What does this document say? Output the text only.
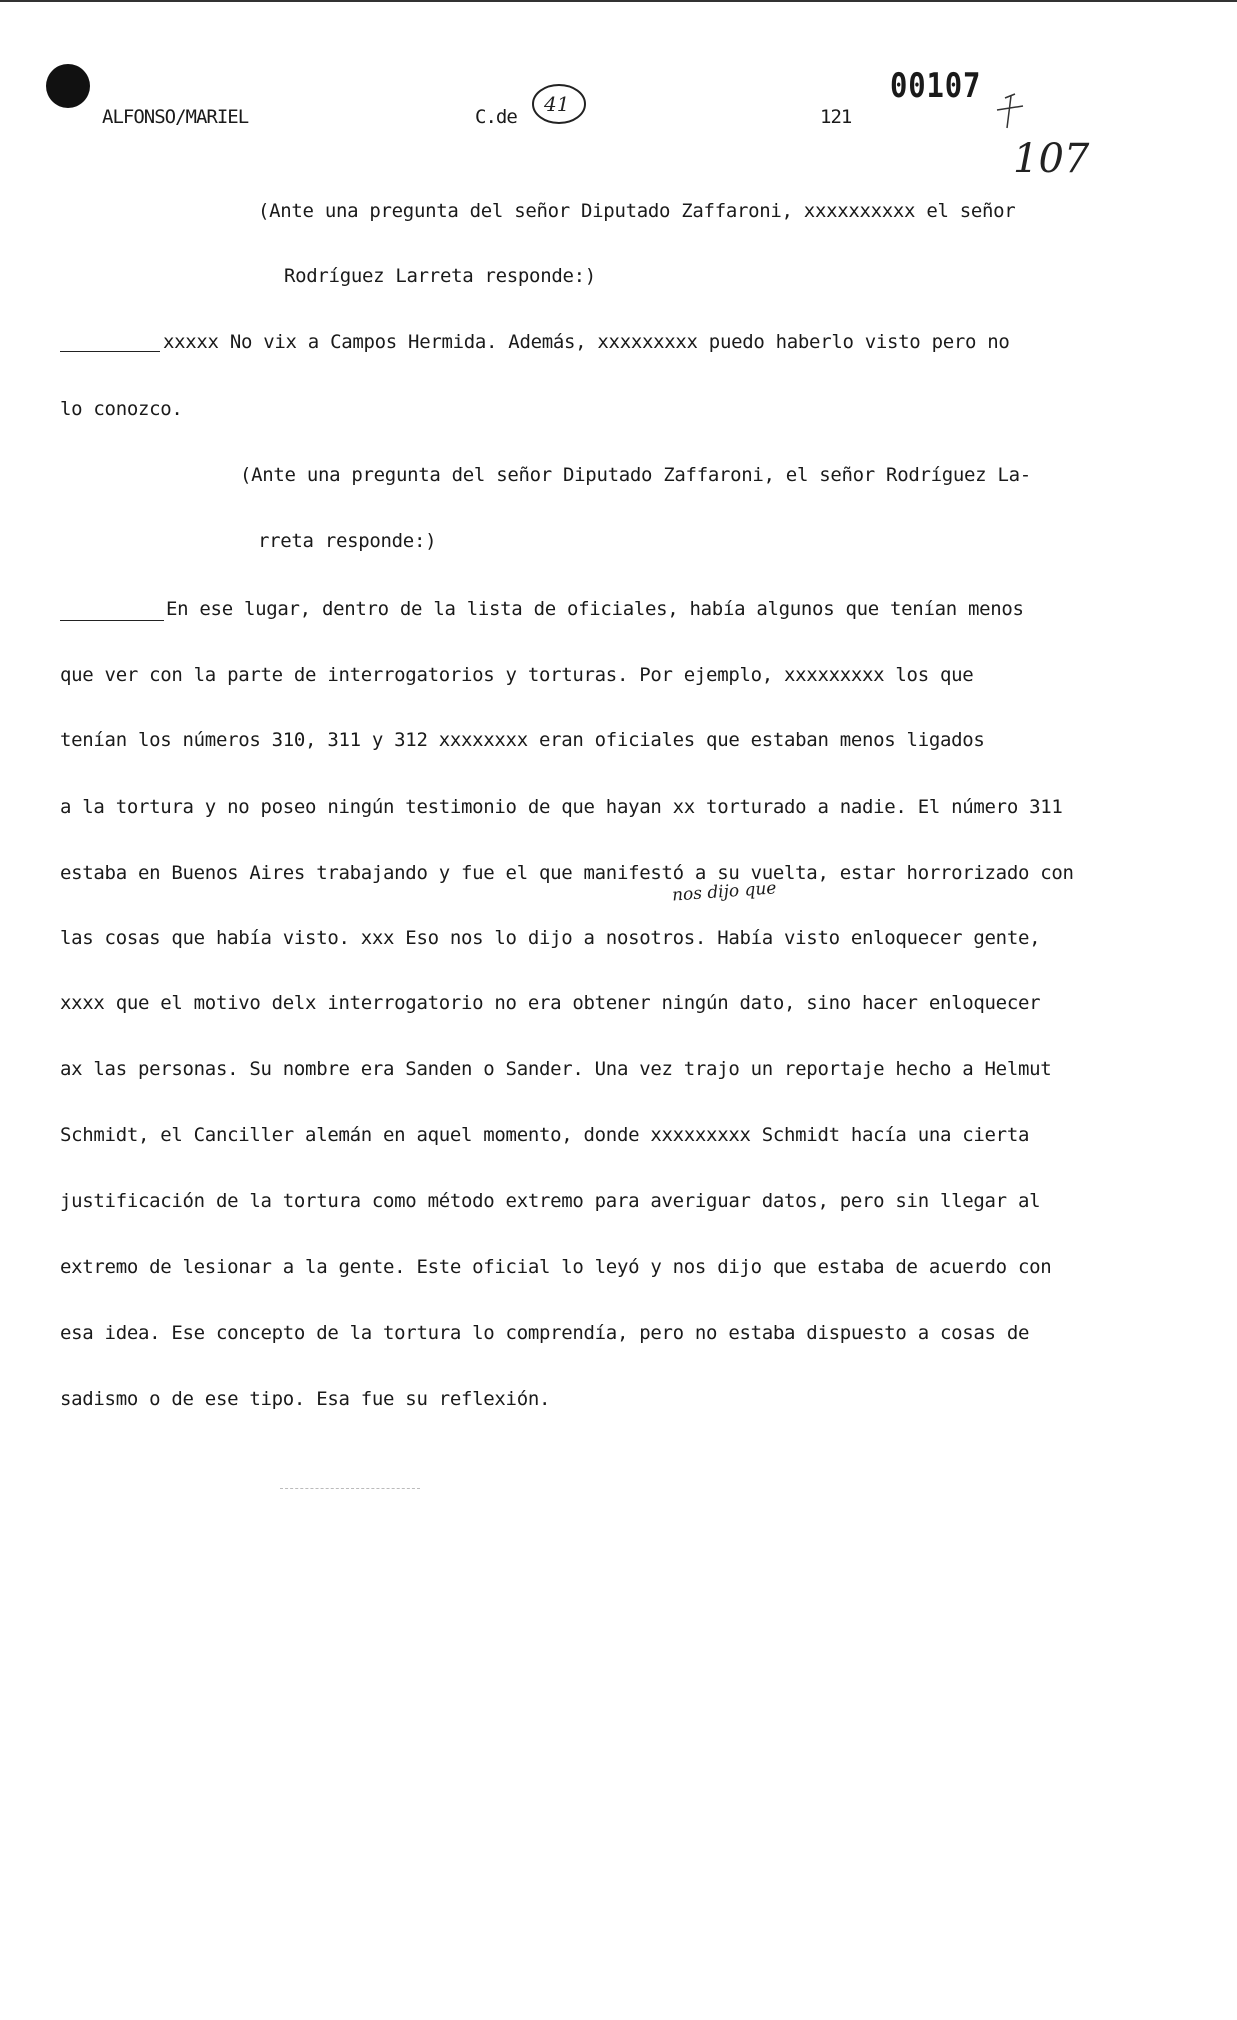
ALFONSO/MARIEL	C.de
41
121
00107
107
(Ante una pregunta del señor Diputado Zaffaroni, xxxxxxxxxx el señor
Rodríguez Larreta responde:)
xxxxx No vix a Campos Hermida. Además, xxxxxxxxx puedo haberlo visto pero no
lo conozco.
(Ante una pregunta del señor Diputado Zaffaroni, el señor Rodríguez La-
rreta responde:)
En ese lugar, dentro de la lista de oficiales, había algunos que tenían menos
que ver con la parte de interrogatorios y torturas. Por ejemplo, xxxxxxxxx los que
tenían los números 310, 311 y 312 xxxxxxxx eran oficiales que estaban menos ligados
a la tortura y no poseo ningún testimonio de que hayan xx torturado a nadie. El número 311
estaba en Buenos Aires trabajando y fue el que manifestó a su vuelta, estar horrorizado con
nos dijo que
las cosas que había visto. xxx Eso nos lo dijo a nosotros. Había visto enloquecer gente,
xxxx que el motivo delx interrogatorio no era obtener ningún dato, sino hacer enloquecer
ax las personas. Su nombre era Sanden o Sander. Una vez trajo un reportaje hecho a Helmut
Schmidt, el Canciller alemán en aquel momento, donde xxxxxxxxx Schmidt hacía una cierta
justificación de la tortura como método extremo para averiguar datos, pero sin llegar al
extremo de lesionar a la gente. Este oficial lo leyó y nos dijo que estaba de acuerdo con
esa idea. Ese concepto de la tortura lo comprendía, pero no estaba dispuesto a cosas de
sadismo o de ese tipo. Esa fue su reflexión.
